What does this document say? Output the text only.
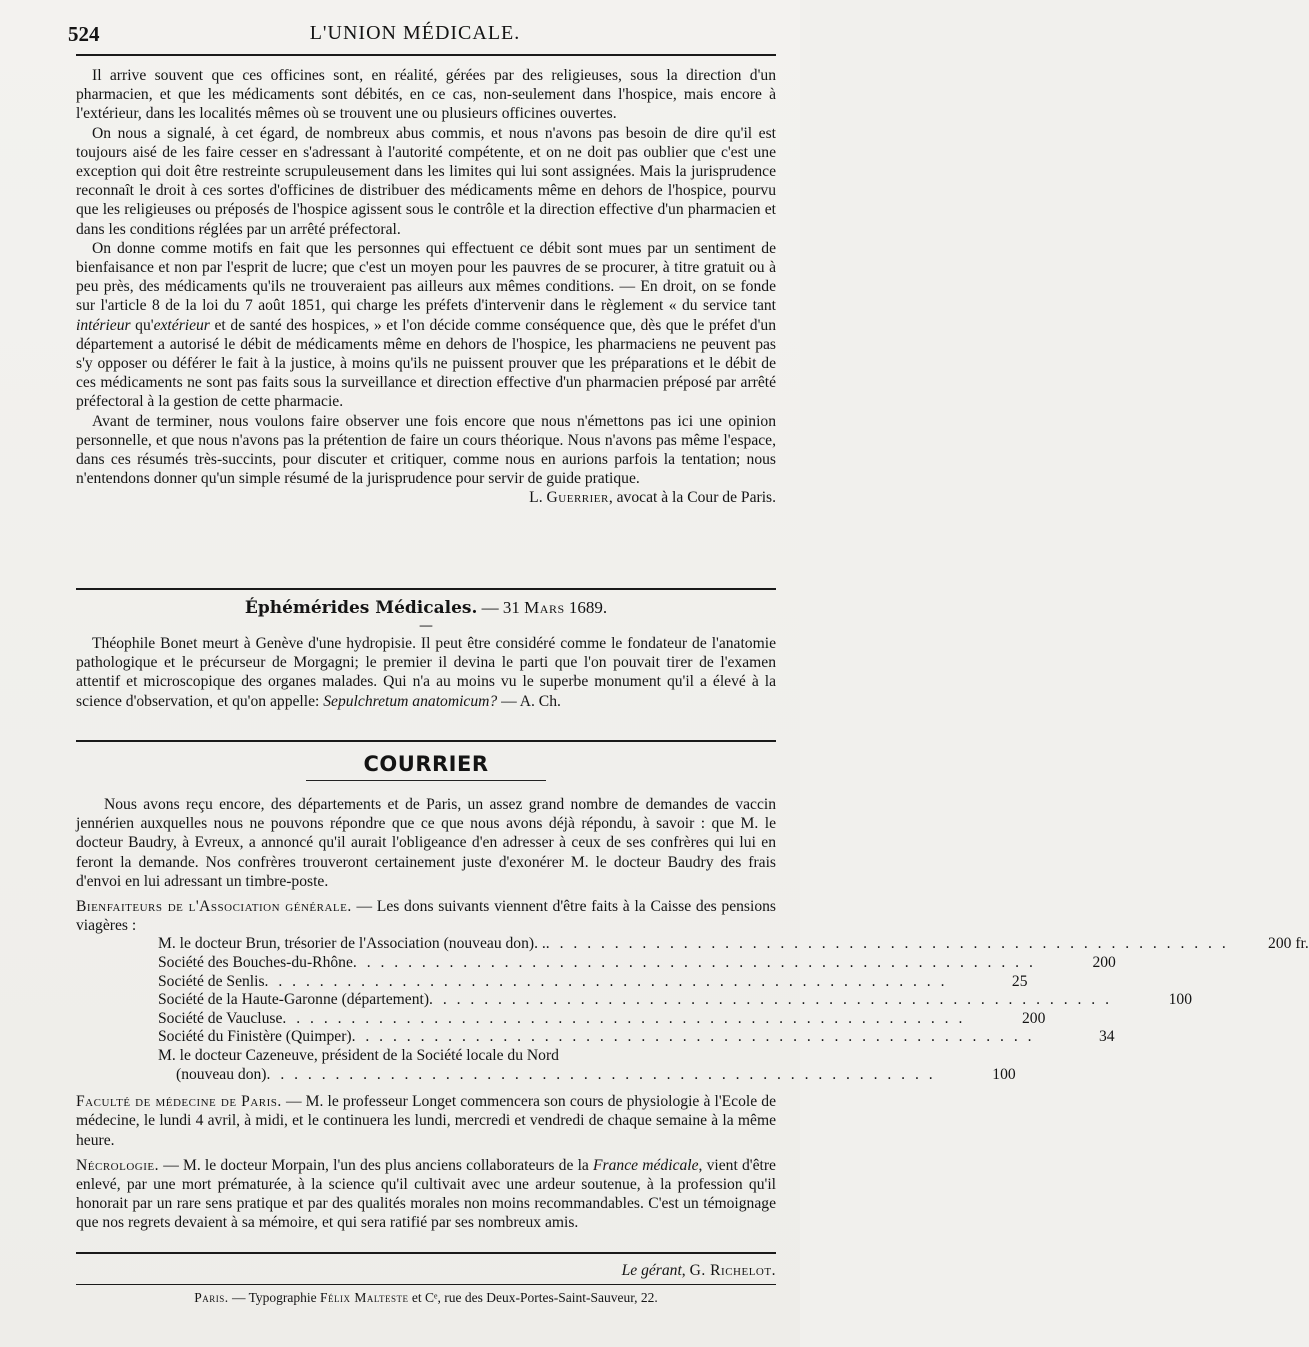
524	L'UNION MÉDICALE.

Il arrive souvent que ces officines sont, en réalité, gérées par des religieuses, sous la direction d'un pharmacien, et que les médicaments sont débités, en ce cas, non-seulement dans l'hospice, mais encore à l'extérieur, dans les localités mêmes où se trouvent une ou plusieurs officines ouvertes.

On nous a signalé, à cet égard, de nombreux abus commis, et nous n'avons pas besoin de dire qu'il est toujours aisé de les faire cesser en s'adressant à l'autorité compétente, et on ne doit pas oublier que c'est une exception qui doit être restreinte scrupuleusement dans les limites qui lui sont assignées. Mais la jurisprudence reconnaît le droit à ces sortes d'officines de distribuer des médicaments même en dehors de l'hospice, pourvu que les religieuses ou préposés de l'hospice agissent sous le contrôle et la direction effective d'un pharmacien et dans les conditions réglées par un arrêté préfectoral.

On donne comme motifs en fait que les personnes qui effectuent ce débit sont mues par un sentiment de bienfaisance et non par l'esprit de lucre; que c'est un moyen pour les pauvres de se procurer, à titre gratuit ou à peu près, des médicaments qu'ils ne trouveraient pas ailleurs aux mêmes conditions. — En droit, on se fonde sur l'article 8 de la loi du 7 août 1851, qui charge les préfets d'intervenir dans le règlement « du service tant intérieur qu'extérieur et de santé des hospices, » et l'on décide comme conséquence que, dès que le préfet d'un département a autorisé le débit de médicaments même en dehors de l'hospice, les pharmaciens ne peuvent pas s'y opposer ou déférer le fait à la justice, à moins qu'ils ne puissent prouver que les préparations et le débit de ces médicaments ne sont pas faits sous la surveillance et direction effective d'un pharmacien préposé par arrêté préfectoral à la gestion de cette pharmacie.

Avant de terminer, nous voulons faire observer une fois encore que nous n'émettons pas ici une opinion personnelle, et que nous n'avons pas la prétention de faire un cours théorique. Nous n'avons pas même l'espace, dans ces résumés très-succints, pour discuter et critiquer, comme nous en aurions parfois la tentation; nous n'entendons donner qu'un simple résumé de la jurisprudence pour servir de guide pratique.

L. Guerrier, avocat à la Cour de Paris.
Éphémérides Médicales. — 31 Mars 1689.
—

Théophile Bonet meurt à Genève d'une hydropisie. Il peut être considéré comme le fondateur de l'anatomie pathologique et le précurseur de Morgagni; le premier il devina le parti que l'on pouvait tirer de l'examen attentif et microscopique des organes malades. Qui n'a au moins vu le superbe monument qu'il a élevé à la science d'observation, et qu'on appelle: Sepulchretum anatomicum? — A. Ch.

COURRIER

Nous avons reçu encore, des départements et de Paris, un assez grand nombre de demandes de vaccin jennérien auxquelles nous ne pouvons répondre que ce que nous avons déjà répondu, à savoir : que M. le docteur Baudry, à Evreux, a annoncé qu'il aurait l'obligeance d'en adresser à ceux de ses confrères qui lui en feront la demande. Nos confrères trouveront certainement juste d'exonérer M. le docteur Baudry des frais d'envoi en lui adressant un timbre-poste.

Bienfaiteurs de l'Association générale. — Les dons suivants viennent d'être faits à la Caisse des pensions viagères :

M. le docteur Brun, trésorier de l'Association (nouveau don). . . . . . . . . . . . . . . . . . . . . . . . . . . . . . . . . . . . . . . . . . . . . . . . . . . .	200 fr.
Société des Bouches-du-Rhône . . . . . . . . . . . . . . . . . . . . . . . . . . . . . . . . . . . . . . . . . . . . . . . . . .	200
Société de Senlis . . . . . . . . . . . . . . . . . . . . . . . . . . . . . . . . . . . . . . . . . . . . . . . . . .	25
Société de la Haute-Garonne (département) . . . . . . . . . . . . . . . . . . . . . . . . . . . . . . . . . . . . . . . . . . . . . . . . . .	100
Société de Vaucluse . . . . . . . . . . . . . . . . . . . . . . . . . . . . . . . . . . . . . . . . . . . . . . . . . .	200
Société du Finistère (Quimper) . . . . . . . . . . . . . . . . . . . . . . . . . . . . . . . . . . . . . . . . . . . . . . . . . .	34
M. le docteur Cazeneuve, président de la Société locale du Nord
(nouveau don) . . . . . . . . . . . . . . . . . . . . . . . . . . . . . . . . . . . . . . . . . . . . . . . . .	100

Faculté de médecine de Paris. — M. le professeur Longet commencera son cours de physiologie à l'Ecole de médecine, le lundi 4 avril, à midi, et le continuera les lundi, mercredi et vendredi de chaque semaine à la même heure.

Nécrologie. — M. le docteur Morpain, l'un des plus anciens collaborateurs de la France médicale, vient d'être enlevé, par une mort prématurée, à la science qu'il cultivait avec une ardeur soutenue, à la profession qu'il honorait par un rare sens pratique et par des qualités morales non moins recommandables. C'est un témoignage que nos regrets devaient à sa mémoire, et qui sera ratifié par ses nombreux amis.

Le gérant, G. Richelot.
Paris. — Typographie Félix Malteste et Cᵉ, rue des Deux-Portes-Saint-Sauveur, 22.
